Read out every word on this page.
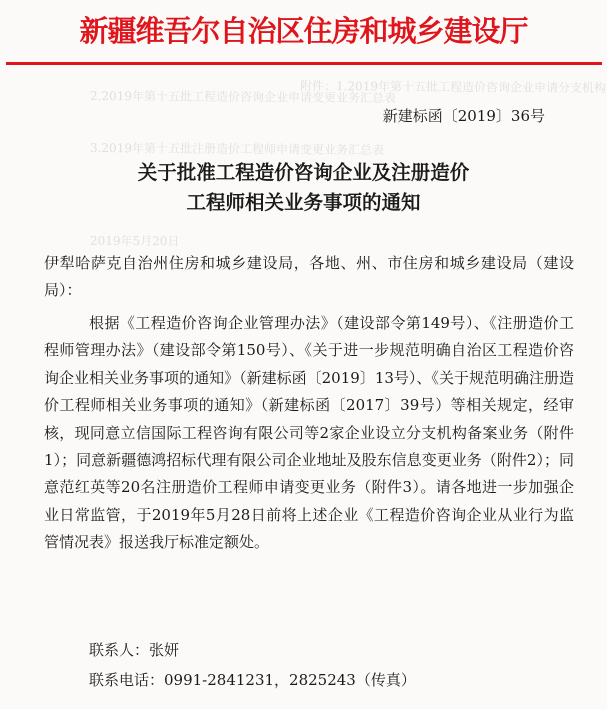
新疆维吾尔自治区住房和城乡建设厅
附件：1.2019年第十五批工程造价咨询企业申请分支机构
2.2019年第十五批工程造价咨询企业申请变更业务汇总表
3.2019年第十五批注册造价工程师申请变更业务汇总表
2019年5月20日
新建标函〔2019〕36号
关于批准工程造价咨询企业及注册造价
工程师相关业务事项的通知
伊犁哈萨克自治州住房和城乡建设局，各地、州、市住房和城乡建设局（建设局）：
根据《工程造价咨询企业管理办法》（建设部令第149号）、《注册造价工程师管理办法》（建设部令第150号）、《关于进一步规范明确自治区工程造价咨询企业相关业务事项的通知》（新建标函〔2019〕13号）、《关于规范明确注册造价工程师相关业务事项的通知》（新建标函〔2017〕39号）等相关规定，经审核，现同意立信国际工程咨询有限公司等2家企业设立分支机构备案业务（附件1）；同意新疆德鸿招标代理有限公司企业地址及股东信息变更业务（附件2）；同意范红英等20名注册造价工程师申请变更业务（附件3）。请各地进一步加强企业日常监管，于2019年5月28日前将上述企业《工程造价咨询企业从业行为监管情况表》报送我厅标准定额处。
联系人：张妍
联系电话：0991-2841231，2825243（传真）
